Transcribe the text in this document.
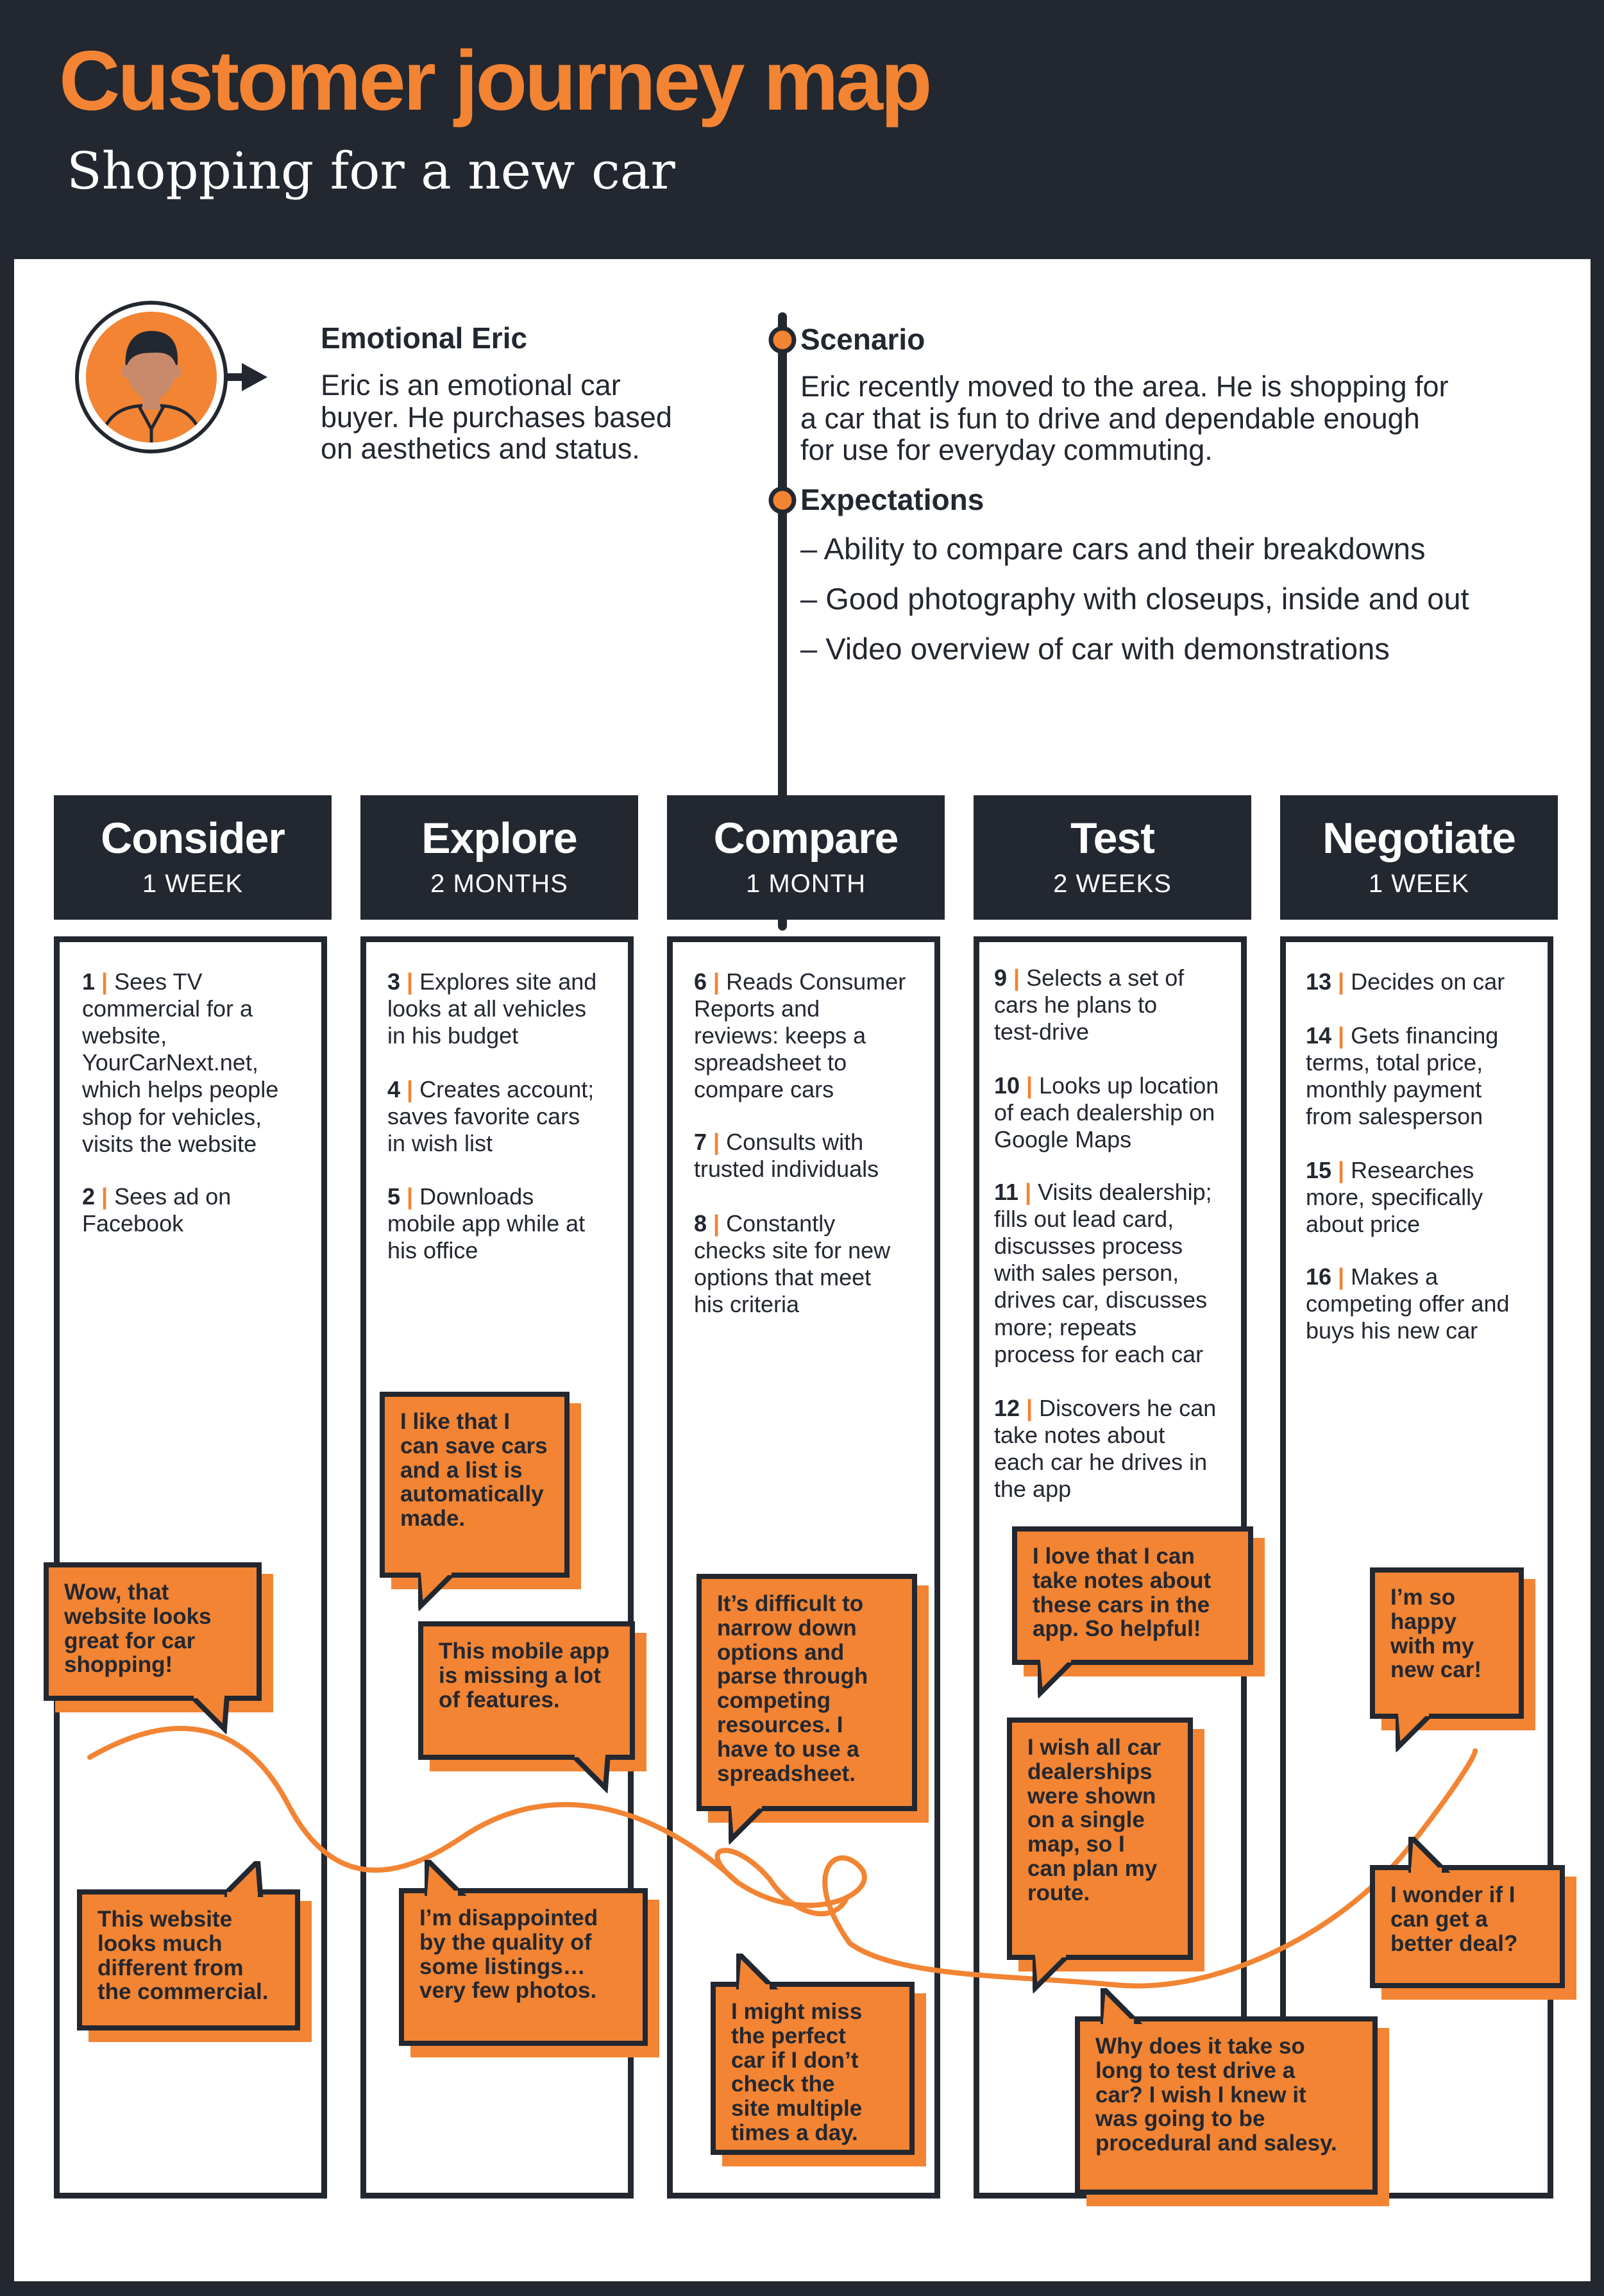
Customer journey map
Shopping for a new car
Emotional Eric
Eric is an emotional car
buyer. He purchases based
on aesthetics and status.
Scenario
Eric recently moved to the area. He is shopping for
a car that is fun to drive and dependable enough
for use for everyday commuting.
Expectations
– Ability to compare cars and their breakdowns
– Good photography with closeups, inside and out
– Video overview of car with demonstrations
Consider
1 WEEK
Explore
2 MONTHS
Compare
1 MONTH
Test
2 WEEKS
Negotiate
1 WEEK
1 | Sees TV
commercial for a
website,
YourCarNext.net,
which helps people
shop for vehicles,
visits the website
2 | Sees ad on
Facebook
3 | Explores site and
looks at all vehicles
in his budget
4 | Creates account;
saves favorite cars
in wish list
5 | Downloads
mobile app while at
his office
6 | Reads Consumer
Reports and
reviews: keeps a
spreadsheet to
compare cars
7 | Consults with
trusted individuals
8 | Constantly
checks site for new
options that meet
his criteria
9 | Selects a set of
cars he plans to
test-drive
10 | Looks up location
of each dealership on
Google Maps
11 | Visits dealership;
fills out lead card,
discusses process
with sales person,
drives car, discusses
more; repeats
process for each car
12 | Discovers he can
take notes about
each car he drives in
the app
13 | Decides on car
14 | Gets financing
terms, total price,
monthly payment
from salesperson
15 | Researches
more, specifically
about price
16 | Makes a
competing offer and
buys his new car
Wow, that
website looks
great for car
shopping!
This website
looks much
different from
the commercial.
I like that I
can save cars
and a list is
automatically
made.
This mobile app
is missing a lot
of features.
I’m disappointed
by the quality of
some listings…
very few photos.
It’s difficult to
narrow down
options and
parse through
competing
resources. I
have to use a
spreadsheet.
I might miss
the perfect
car if I don’t
check the
site multiple
times a day.
I love that I can
take notes about
these cars in the
app. So helpful!
I wish all car
dealerships
were shown
on a single
map, so I
can plan my
route.
Why does it take so
long to test drive a
car? I wish I knew it
was going to be
procedural and salesy.
I’m so
happy
with my
new car!
I wonder if I
can get a
better deal?
